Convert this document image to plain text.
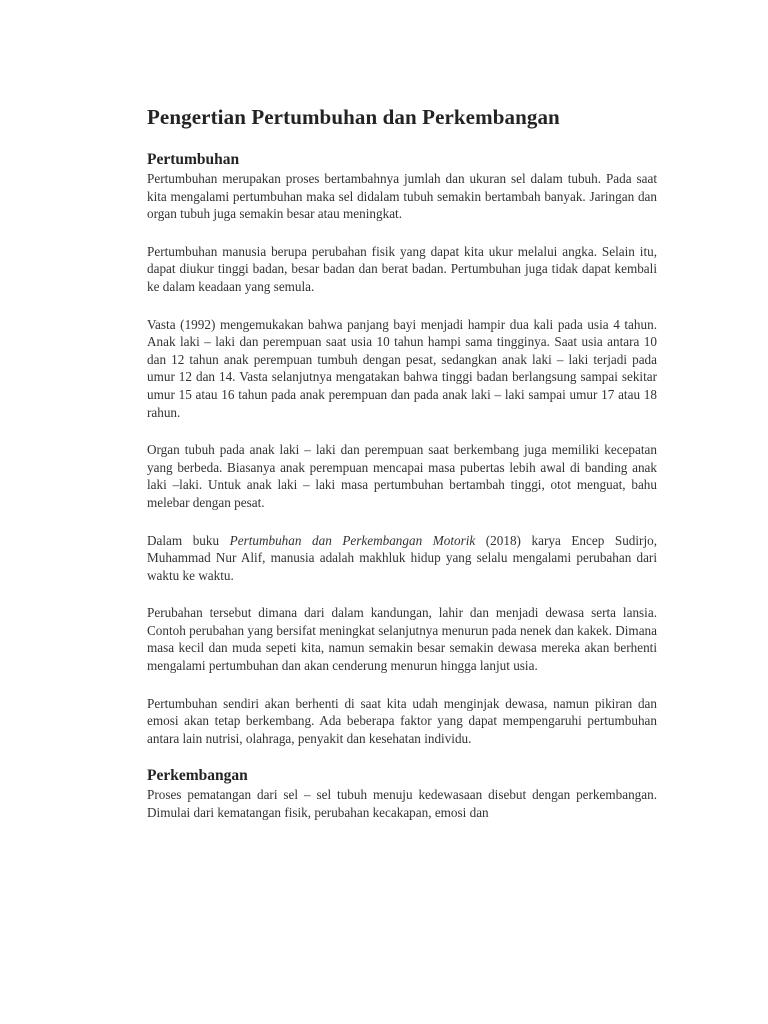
Pengertian Pertumbuhan dan Perkembangan
Pertumbuhan

Pertumbuhan merupakan proses bertambahnya jumlah dan ukuran sel dalam tubuh. Pada saat kita mengalami pertumbuhan maka sel didalam tubuh semakin bertambah banyak. Jaringan dan organ tubuh juga semakin besar atau meningkat.

Pertumbuhan manusia berupa perubahan fisik yang dapat kita ukur melalui angka. Selain itu, dapat diukur tinggi badan, besar badan dan berat badan. Pertumbuhan juga tidak dapat kembali ke dalam keadaan yang semula.

Vasta (1992) mengemukakan bahwa panjang bayi menjadi hampir dua kali pada usia 4 tahun. Anak laki – laki dan perempuan saat usia 10 tahun hampi sama tingginya. Saat usia antara 10 dan 12 tahun anak perempuan tumbuh dengan pesat, sedangkan anak laki – laki terjadi pada umur 12 dan 14. Vasta selanjutnya mengatakan bahwa tinggi badan berlangsung sampai sekitar umur 15 atau 16 tahun pada anak perempuan dan pada anak laki – laki sampai umur 17 atau 18 rahun.

Organ tubuh pada anak laki – laki dan perempuan saat berkembang juga memiliki kecepatan yang berbeda. Biasanya anak perempuan mencapai masa pubertas lebih awal di banding anak laki –laki. Untuk anak laki – laki masa pertumbuhan bertambah tinggi, otot menguat, bahu melebar dengan pesat.

Dalam buku Pertumbuhan dan Perkembangan Motorik (2018) karya Encep Sudirjo, Muhammad Nur Alif, manusia adalah makhluk hidup yang selalu mengalami perubahan dari waktu ke waktu.

Perubahan tersebut dimana dari dalam kandungan, lahir dan menjadi dewasa serta lansia. Contoh perubahan yang bersifat meningkat selanjutnya menurun pada nenek dan kakek. Dimana masa kecil dan muda sepeti kita, namun semakin besar semakin dewasa mereka akan berhenti mengalami pertumbuhan dan akan cenderung menurun hingga lanjut usia.

Pertumbuhan sendiri akan berhenti di saat kita udah menginjak dewasa, namun pikiran dan emosi akan tetap berkembang. Ada beberapa faktor yang dapat mempengaruhi pertumbuhan antara lain nutrisi, olahraga, penyakit dan kesehatan individu.

Perkembangan

Proses pematangan dari sel – sel tubuh menuju kedewasaan disebut dengan perkembangan. Dimulai dari kematangan fisik, perubahan kecakapan, emosi dan
